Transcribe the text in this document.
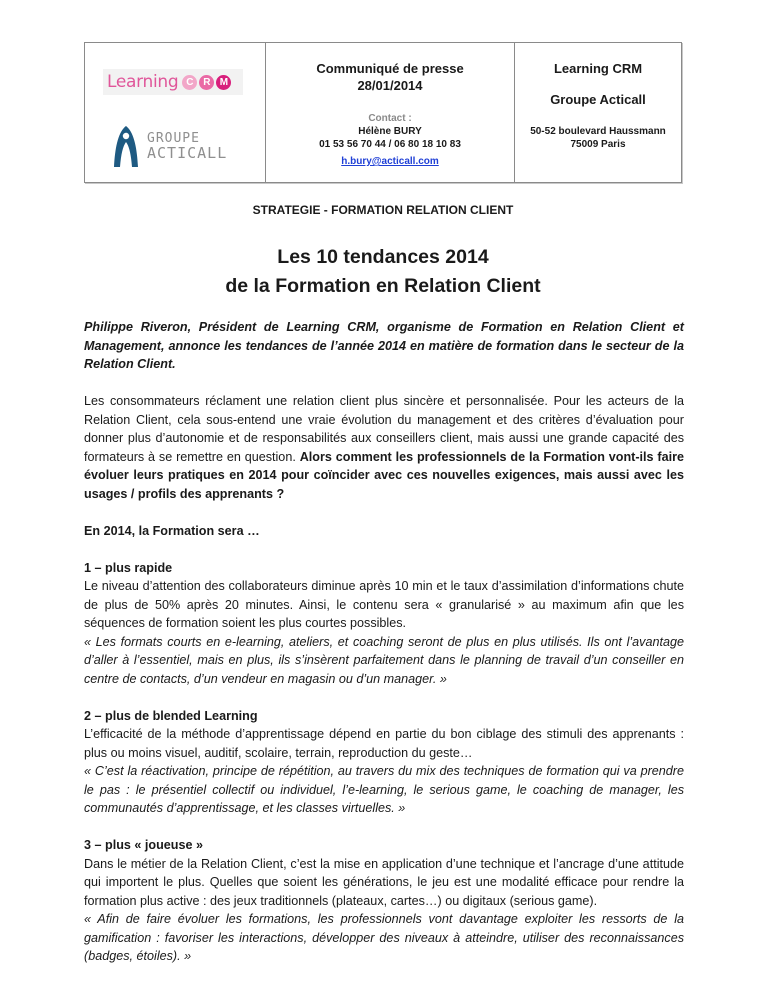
Learning C R M
GROUPE
ACTICALL
Communiqué de presse
28/01/2014
Contact :
Hélène BURY
01 53 56 70 44 / 06 80 18 10 83
h.bury@acticall.com
Learning CRM
Groupe Acticall
50-52 boulevard Haussmann
75009 Paris
STRATEGIE - FORMATION RELATION CLIENT
Les 10 tendances 2014
de la Formation en Relation Client

Philippe Riveron, Président de Learning CRM, organisme de Formation en Relation Client et Management, annonce les tendances de l’année 2014 en matière de formation dans le secteur de la Relation Client.

Les consommateurs réclament une relation client plus sincère et personnalisée. Pour les acteurs de la Relation Client, cela sous-entend une vraie évolution du management et des critères d’évaluation pour donner plus d’autonomie et de responsabilités aux conseillers client, mais aussi une grande capacité des formateurs à se remettre en question. Alors comment les professionnels de la Formation vont-ils faire évoluer leurs pratiques en 2014 pour coïncider avec ces nouvelles exigences, mais aussi avec les usages / profils des apprenants ?

En 2014, la Formation sera …

1 – plus rapide
Le niveau d’attention des collaborateurs diminue après 10 min et le taux d’assimilation d’informations chute de plus de 50% après 20 minutes. Ainsi, le contenu sera « granularisé » au maximum afin que les séquences de formation soient les plus courtes possibles.
« Les formats courts en e-learning, ateliers, et coaching seront de plus en plus utilisés. Ils ont l’avantage d’aller à l’essentiel, mais en plus, ils s’insèrent parfaitement dans le planning de travail d’un conseiller en centre de contacts, d’un vendeur en magasin ou d’un manager. »

2 – plus de blended Learning
L’efficacité de la méthode d’apprentissage dépend en partie du bon ciblage des stimuli des apprenants : plus ou moins visuel, auditif, scolaire, terrain, reproduction du geste…
« C’est la réactivation, principe de répétition, au travers du mix des techniques de formation qui va prendre le pas : le présentiel collectif ou individuel, l’e-learning, le serious game, le coaching de manager, les communautés d’apprentissage, et les classes virtuelles. »

3 – plus « joueuse »
Dans le métier de la Relation Client, c’est la mise en application d’une technique et l’ancrage d’une attitude qui importent le plus. Quelles que soient les générations, le jeu est une modalité efficace pour rendre la formation plus active : des jeux traditionnels (plateaux, cartes…) ou digitaux (serious game).
« Afin de faire évoluer les formations, les professionnels vont davantage exploiter les ressorts de la gamification : favoriser les interactions, développer des niveaux à atteindre, utiliser des reconnaissances (badges, étoiles). »
